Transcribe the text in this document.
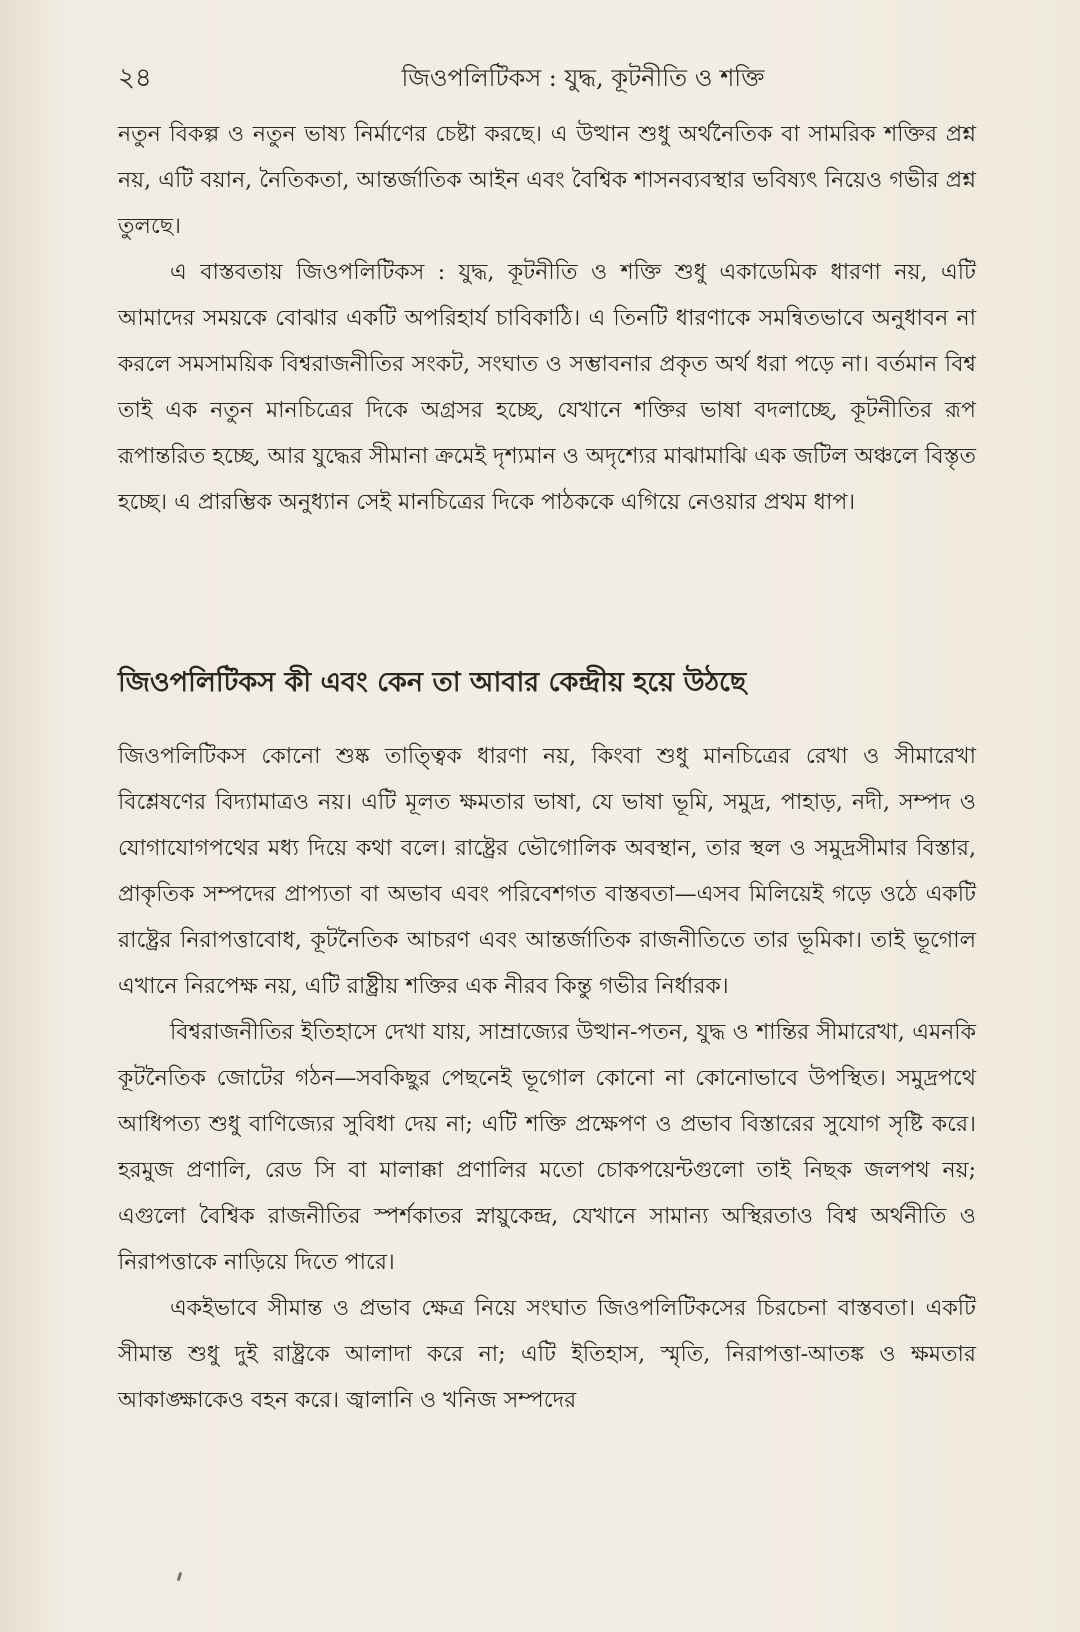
২৪	জিওপলিটিকস : যুদ্ধ, কূটনীতি ও শক্তি

নতুন বিকল্প ও নতুন ভাষ্য নির্মাণের চেষ্টা করছে। এ উত্থান শুধু অর্থনৈতিক বা সামরিক শক্তির প্রশ্ন নয়, এটি বয়ান, নৈতিকতা, আন্তর্জাতিক আইন এবং বৈশ্বিক শাসনব্যবস্থার ভবিষ্যৎ নিয়েও গভীর প্রশ্ন তুলছে।

এ বাস্তবতায় জিওপলিটিকস : যুদ্ধ, কূটনীতি ও শক্তি শুধু একাডেমিক ধারণা নয়, এটি আমাদের সময়কে বোঝার একটি অপরিহার্য চাবিকাঠি। এ তিনটি ধারণাকে সমন্বিতভাবে অনুধাবন না করলে সমসাময়িক বিশ্বরাজনীতির সংকট, সংঘাত ও সম্ভাবনার প্রকৃত অর্থ ধরা পড়ে না। বর্তমান বিশ্ব তাই এক নতুন মানচিত্রের দিকে অগ্রসর হচ্ছে, যেখানে শক্তির ভাষা বদলাচ্ছে, কূটনীতির রূপ রূপান্তরিত হচ্ছে, আর যুদ্ধের সীমানা ক্রমেই দৃশ্যমান ও অদৃশ্যের মাঝামাঝি এক জটিল অঞ্চলে বিস্তৃত হচ্ছে। এ প্রারম্ভিক অনুধ্যান সেই মানচিত্রের দিকে পাঠককে এগিয়ে নেওয়ার প্রথম ধাপ।

জিওপলিটিকস কী এবং কেন তা আবার কেন্দ্রীয় হয়ে উঠছে

জিওপলিটিকস কোনো শুষ্ক তাত্ত্বিক ধারণা নয়, কিংবা শুধু মানচিত্রের রেখা ও সীমারেখা বিশ্লেষণের বিদ্যামাত্রও নয়। এটি মূলত ক্ষমতার ভাষা, যে ভাষা ভূমি, সমুদ্র, পাহাড়, নদী, সম্পদ ও যোগাযোগপথের মধ্য দিয়ে কথা বলে। রাষ্ট্রের ভৌগোলিক অবস্থান, তার স্থল ও সমুদ্রসীমার বিস্তার, প্রাকৃতিক সম্পদের প্রাপ্যতা বা অভাব এবং পরিবেশগত বাস্তবতা—এসব মিলিয়েই গড়ে ওঠে একটি রাষ্ট্রের নিরাপত্তাবোধ, কূটনৈতিক আচরণ এবং আন্তর্জাতিক রাজনীতিতে তার ভূমিকা। তাই ভূগোল এখানে নিরপেক্ষ নয়, এটি রাষ্ট্রীয় শক্তির এক নীরব কিন্তু গভীর নির্ধারক।

বিশ্বরাজনীতির ইতিহাসে দেখা যায়, সাম্রাজ্যের উত্থান-পতন, যুদ্ধ ও শান্তির সীমারেখা, এমনকি কূটনৈতিক জোটের গঠন—সবকিছুর পেছনেই ভূগোল কোনো না কোনোভাবে উপস্থিত। সমুদ্রপথে আধিপত্য শুধু বাণিজ্যের সুবিধা দেয় না; এটি শক্তি প্রক্ষেপণ ও প্রভাব বিস্তারের সুযোগ সৃষ্টি করে। হরমুজ প্রণালি, রেড সি বা মালাক্কা প্রণালির মতো চোকপয়েন্টগুলো তাই নিছক জলপথ নয়; এগুলো বৈশ্বিক রাজনীতির স্পর্শকাতর স্নায়ুকেন্দ্র, যেখানে সামান্য অস্থিরতাও বিশ্ব অর্থনীতি ও নিরাপত্তাকে নাড়িয়ে দিতে পারে।

একইভাবে সীমান্ত ও প্রভাব ক্ষেত্র নিয়ে সংঘাত জিওপলিটিকসের চিরচেনা বাস্তবতা। একটি সীমান্ত শুধু দুই রাষ্ট্রকে আলাদা করে না; এটি ইতিহাস, স্মৃতি, নিরাপত্তা-আতঙ্ক ও ক্ষমতার আকাঙ্ক্ষাকেও বহন করে। জ্বালানি ও খনিজ সম্পদের
